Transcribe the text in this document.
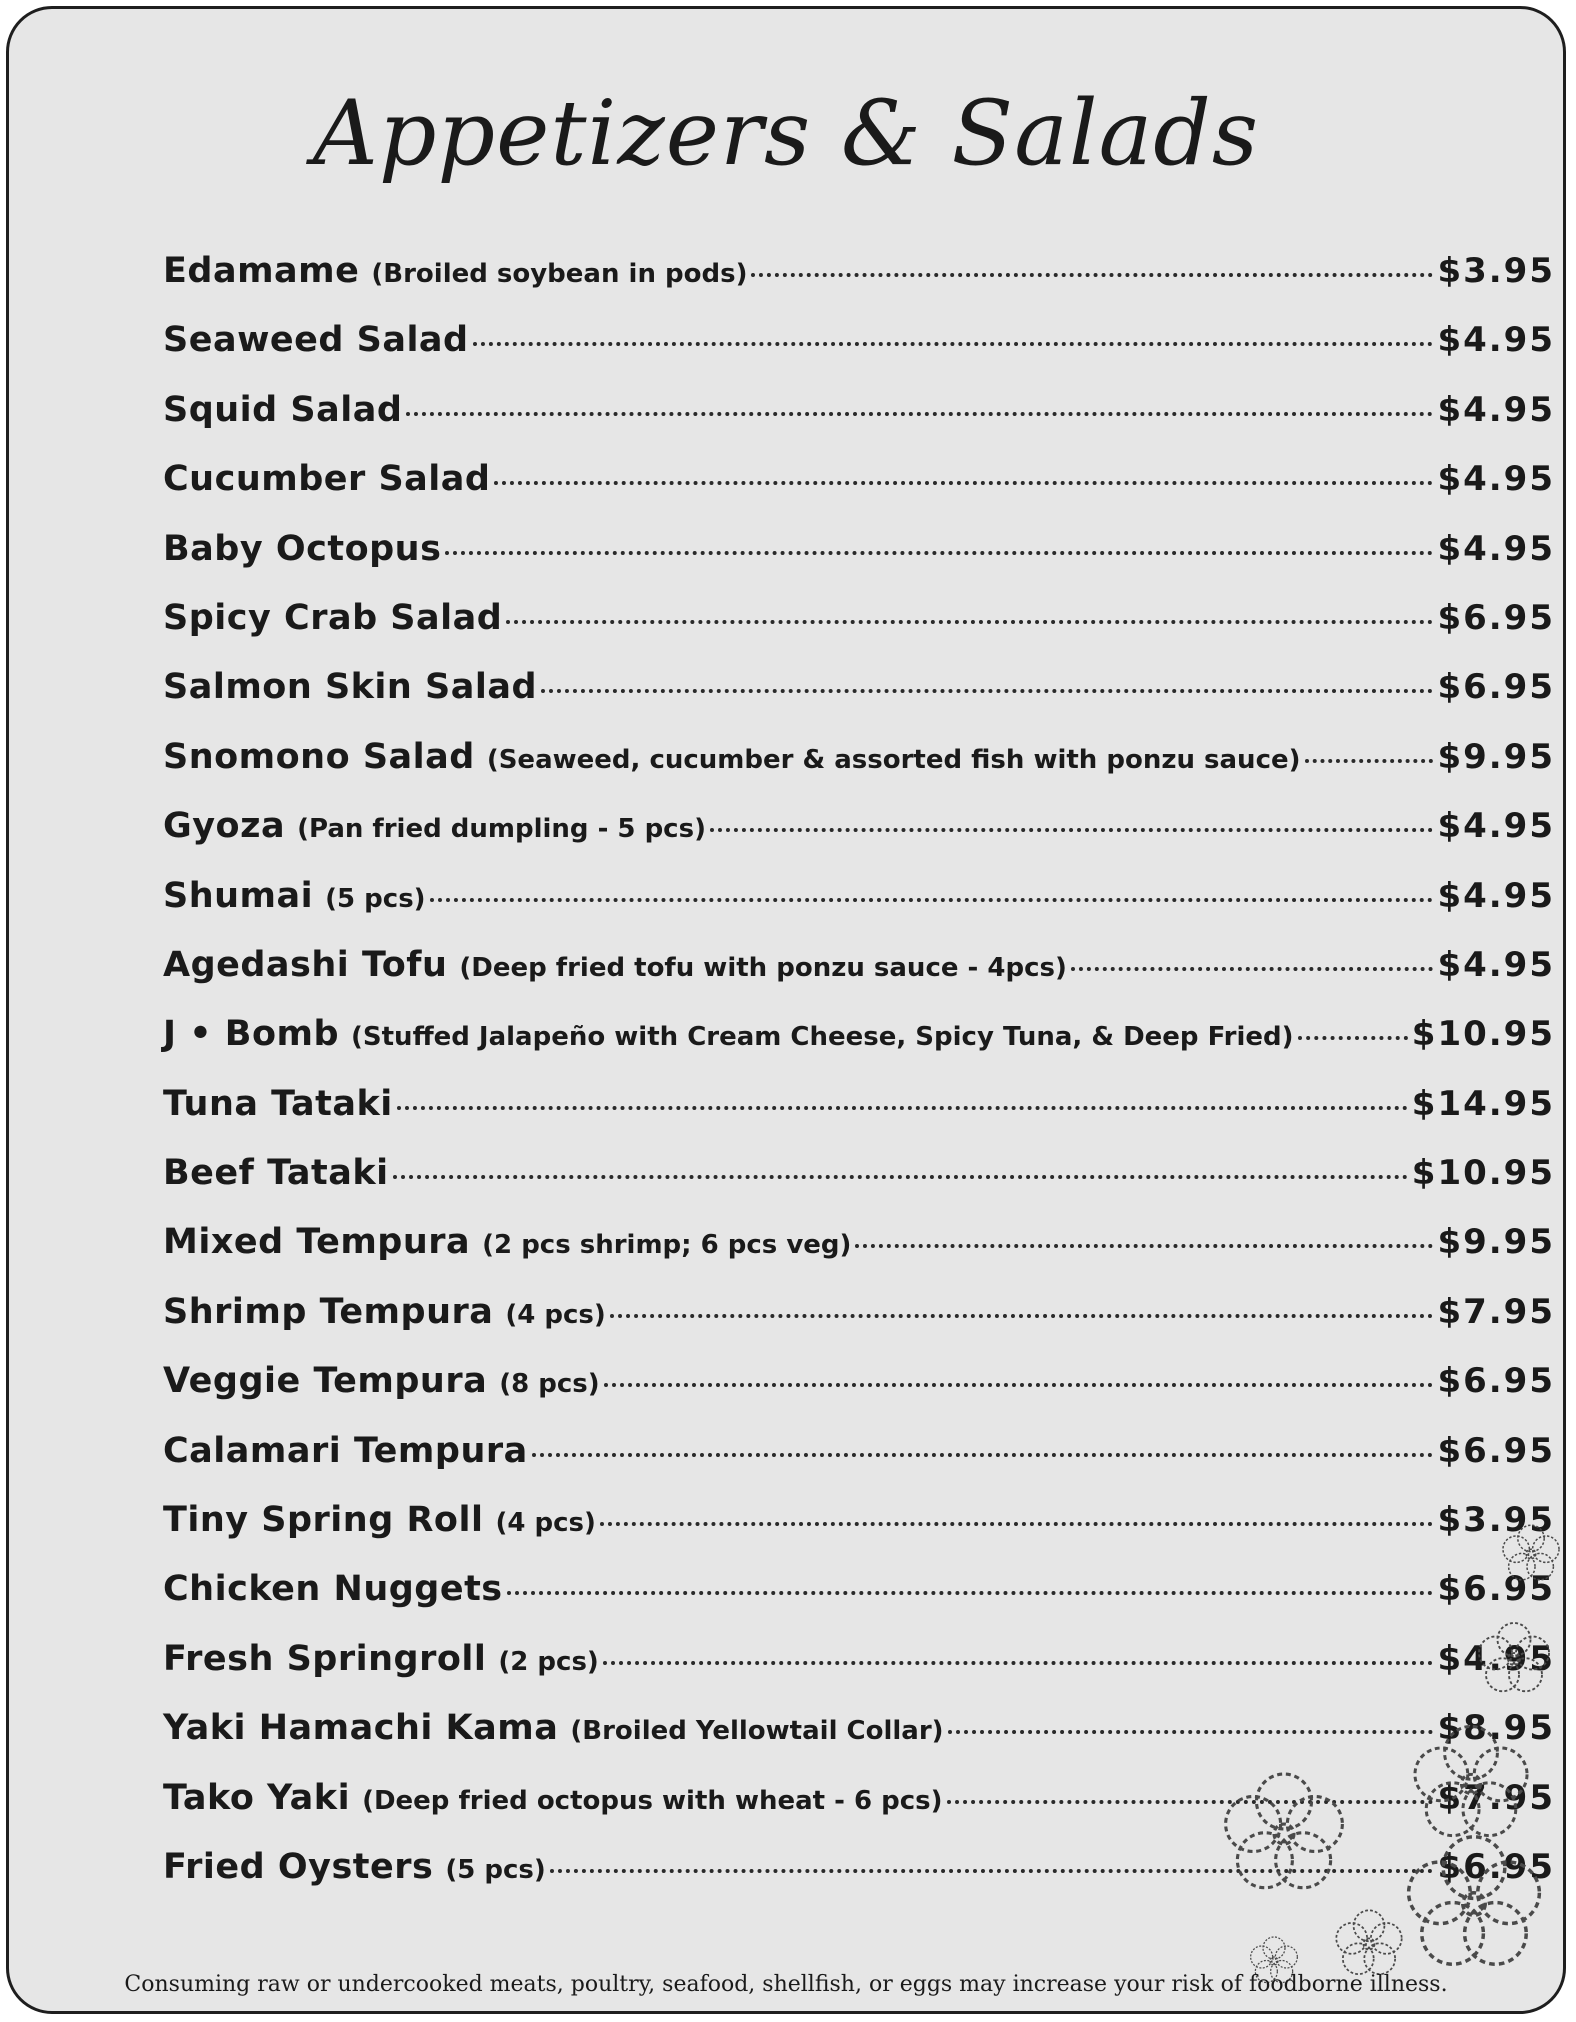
Appetizers & Salads
Edamame (Broiled soybean in pods)	$3.95
Seaweed Salad	$4.95
Squid Salad	$4.95
Cucumber Salad	$4.95
Baby Octopus	$4.95
Spicy Crab Salad	$6.95
Salmon Skin Salad	$6.95
Snomono Salad (Seaweed, cucumber & assorted fish with ponzu sauce)	$9.95
Gyoza (Pan fried dumpling - 5 pcs)	$4.95
Shumai (5 pcs)	$4.95
Agedashi Tofu (Deep fried tofu with ponzu sauce - 4pcs)	$4.95
J • Bomb (Stuffed Jalapeño with Cream Cheese, Spicy Tuna, & Deep Fried)	$10.95
Tuna Tataki	$14.95
Beef Tataki	$10.95
Mixed Tempura (2 pcs shrimp; 6 pcs veg)	$9.95
Shrimp Tempura (4 pcs)	$7.95
Veggie Tempura (8 pcs)	$6.95
Calamari Tempura	$6.95
Tiny Spring Roll (4 pcs)	$3.95
Chicken Nuggets	$6.95
Fresh Springroll (2 pcs)	$4.95
Yaki Hamachi Kama (Broiled Yellowtail Collar)	$8.95
Tako Yaki (Deep fried octopus with wheat - 6 pcs)	$7.95
Fried Oysters (5 pcs)	$6.95
Consuming raw or undercooked meats, poultry, seafood, shellfish, or eggs may increase your risk of foodborne illness.
